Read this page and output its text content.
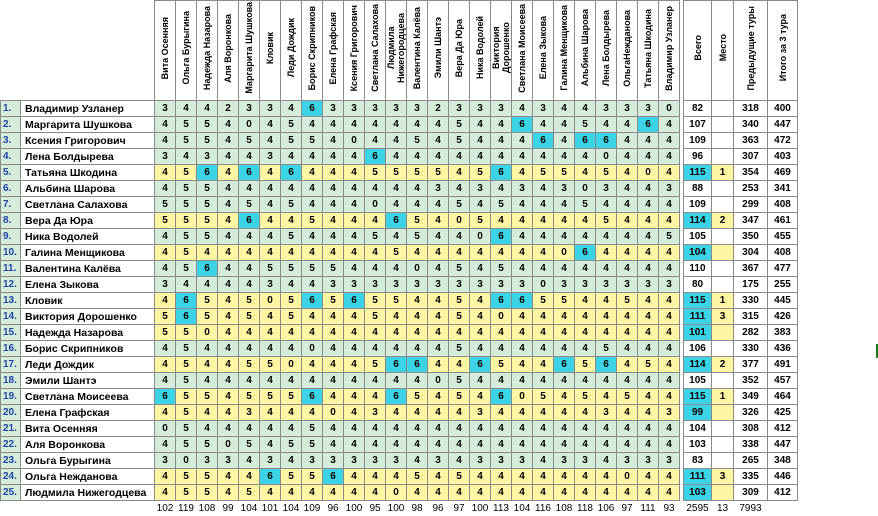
		Вита Осенняя	Ольга Бурыгина	Надежда Назарова	Аля Воронкова	Маргарита Шушкова	Кловик	Леди Дождик	Борис Скрипников	Елена Графская	Ксения Григорович	Светлана Салахова	Людмила Нижегородцева	Валентина Калёва	Эмили Шантэ	Вера Да Юра	Ника Водолей	Виктория Дорошенко	Светлана Моисеева	Елена Зыкова	Галина Менщикова	Альбина Шарова	Лена Болдырева	ОльгаНежданова	Татьяна Шкодина	Владимир Узланер		Всего	Место	Предыдущие туры	Итого за 3 тура
1.	Владимир Узланер	3	4	4	2	3	3	4	6	3	3	3	3	3	2	3	3	3	4	3	4	4	3	3	3	0		82		318	400
2.	Маргарита Шушкова	4	5	5	4	0	4	5	4	4	4	4	4	4	4	5	4	4	6	4	4	5	4	4	6	4		107		340	447
3.	Ксения Григорович	4	5	5	4	5	4	5	5	4	0	4	4	5	4	5	4	4	4	6	4	6	6	4	4	4		109		363	472
4.	Лена Болдырева	3	4	3	4	4	3	4	4	4	4	6	4	4	4	4	4	4	4	4	4	4	0	4	4	4		96		307	403
5.	Татьяна Шкодина	4	5	6	4	6	4	6	4	4	4	5	5	5	5	4	5	6	4	5	5	4	5	4	0	4		115	1	354	469
6.	Альбина Шарова	4	5	5	4	4	4	4	4	4	4	4	4	4	3	4	3	4	3	4	3	0	3	4	4	3		88		253	341
7.	Светлана Салахова	5	5	5	4	5	4	5	4	4	4	0	4	4	4	5	4	5	4	4	4	5	4	4	4	4		109		299	408
8.	Вера Да Юра	5	5	5	4	6	4	4	5	4	4	4	6	5	4	0	5	4	4	4	4	4	5	4	4	4		114	2	347	461
9.	Ника Водолей	4	5	5	4	4	4	5	4	4	4	5	4	5	4	4	0	6	4	4	4	4	4	4	4	5		105		350	455
10.	Галина Менщикова	4	5	4	4	4	4	4	4	4	4	4	5	4	4	4	4	4	4	4	0	6	4	4	4	4		104		304	408
11.	Валентина Калёва	4	5	6	4	4	5	5	5	5	4	4	4	0	4	5	4	5	4	4	4	4	4	4	4	4		110		367	477
12.	Елена Зыкова	3	4	4	4	4	3	4	4	3	3	3	3	3	3	3	3	3	3	0	3	3	3	3	3	3		80		175	255
13.	Кловик	4	6	5	4	5	0	5	6	5	6	5	5	4	4	5	4	6	6	5	5	4	4	5	4	4		115	1	330	445
14.	Виктория Дорошенко	5	6	5	4	5	4	5	4	4	4	5	4	4	4	5	4	0	4	4	4	4	4	4	4	4		111	3	315	426
15.	Надежда Назарова	5	5	0	4	4	4	4	4	4	4	4	4	4	4	4	4	4	4	4	4	4	4	4	4	4		101		282	383
16.	Борис Скрипников	4	5	4	4	4	4	4	0	4	4	4	4	4	4	5	4	4	4	4	4	4	5	4	4	4		106		330	436
17.	Леди Дождик	4	5	4	4	5	5	0	4	4	4	5	6	6	4	4	6	5	4	4	6	5	6	4	5	4		114	2	377	491
18.	Эмили Шантэ	4	5	4	4	4	4	4	4	4	4	4	4	4	0	5	4	4	4	4	4	4	4	4	4	4		105		352	457
19.	Светлана Моисеева	6	5	5	4	5	5	5	6	4	4	4	6	5	4	5	4	6	0	5	4	5	4	5	4	4		115	1	349	464
20.	Елена Графская	4	5	4	4	3	4	4	4	0	4	3	4	4	4	4	3	4	4	4	4	4	3	4	4	3		99		326	425
21.	Вита Осенняя	0	5	4	4	4	4	4	5	4	4	4	4	4	4	4	4	4	4	4	4	4	4	4	4	4		104		308	412
22.	Аля Воронкова	4	5	5	0	5	4	5	5	4	4	4	4	4	4	4	4	4	4	4	4	4	4	4	4	4		103		338	447
23.	Ольга Бурыгина	3	0	3	3	4	3	4	3	3	3	3	3	4	3	4	3	3	3	4	3	3	4	3	3	3		83		265	348
24.	Ольга Нежданова	4	5	5	4	4	6	5	5	6	4	4	4	5	4	5	4	4	4	4	4	4	4	0	4	4		111	3	335	446
25.	Людмила Нижегодцева	4	5	5	4	5	4	4	4	4	4	4	0	4	4	4	4	4	4	4	4	4	4	4	4	4		103		309	412
		102	119	108	99	104	101	104	109	96	100	95	100	98	96	97	100	113	104	116	108	118	106	97	111	93		2595	13	7993	
